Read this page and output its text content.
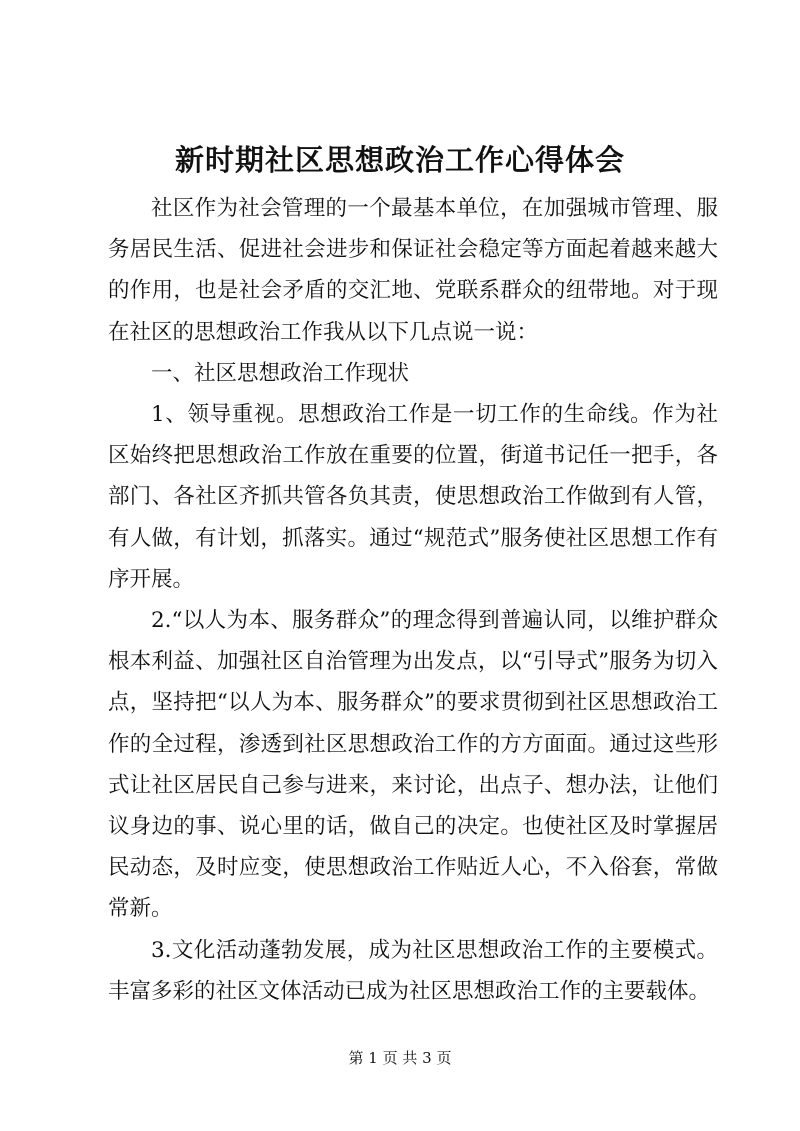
新时期社区思想政治工作心得体会

社区作为社会管理的一个最基本单位，在加强城市管理、服务居民生活、促进社会进步和保证社会稳定等方面起着越来越大的作用，也是社会矛盾的交汇地、党联系群众的纽带地。对于现在社区的思想政治工作我从以下几点说一说：

一、社区思想政治工作现状

1、领导重视。思想政治工作是一切工作的生命线。作为社区始终把思想政治工作放在重要的位置，街道书记任一把手，各部门、各社区齐抓共管各负其责，使思想政治工作做到有人管，有人做，有计划，抓落实。通过“规范式”服务使社区思想工作有序开展。

2.“以人为本、服务群众”的理念得到普遍认同，以维护群众根本利益、加强社区自治管理为出发点，以“引导式”服务为切入点，坚持把“以人为本、服务群众”的要求贯彻到社区思想政治工作的全过程，渗透到社区思想政治工作的方方面面。通过这些形式让社区居民自己参与进来，来讨论，出点子、想办法，让他们议身边的事、说心里的话，做自己的决定。也使社区及时掌握居民动态，及时应变，使思想政治工作贴近人心，不入俗套，常做常新。

3.文化活动蓬勃发展，成为社区思想政治工作的主要模式。丰富多彩的社区文体活动已成为社区思想政治工作的主要载体。

第 1 页 共 3 页
